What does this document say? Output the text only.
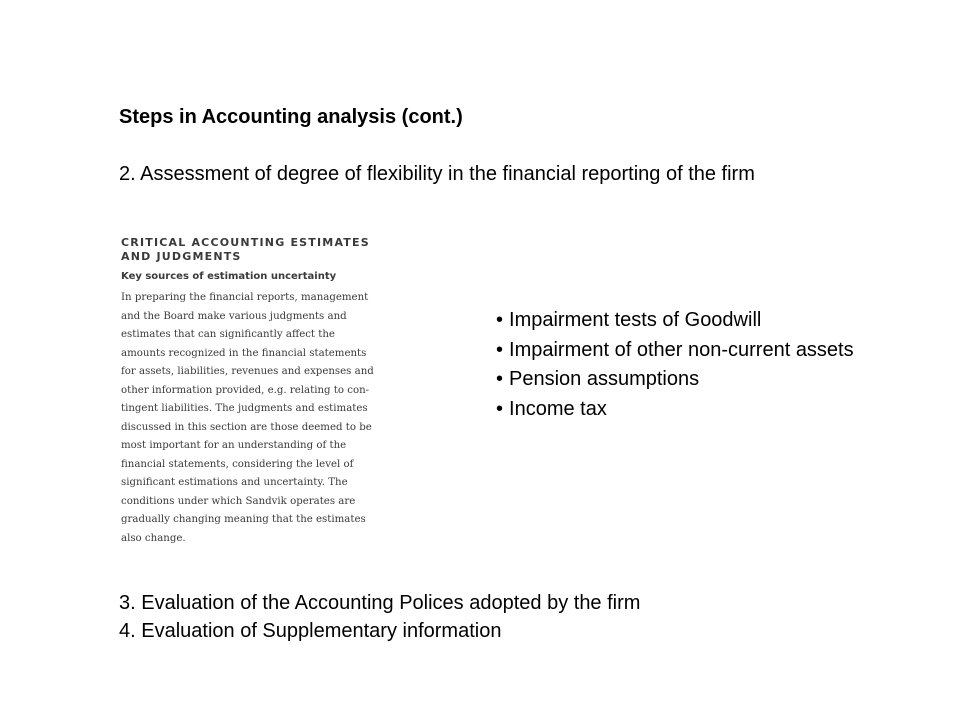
Steps in Accounting analysis (cont.)

2. Assessment of degree of flexibility in the financial reporting of the firm

CRITICAL ACCOUNTING ESTIMATES
AND JUDGMENTS
Key sources of estimation uncertainty

In preparing the financial reports, management
and the Board make various judgments and
estimates that can significantly affect the
amounts recognized in the financial statements
for assets, liabilities, revenues and expenses and
other information provided, e.g. relating to con-
tingent liabilities. The judgments and estimates
discussed in this section are those deemed to be
most important for an understanding of the
financial statements, considering the level of
significant estimations and uncertainty. The
conditions under which Sandvik operates are
gradually changing meaning that the estimates
also change.

• Impairment tests of Goodwill
• Impairment of other non-current assets
• Pension assumptions
• Income tax
3. Evaluation of the Accounting Polices adopted by the firm
4. Evaluation of Supplementary information
